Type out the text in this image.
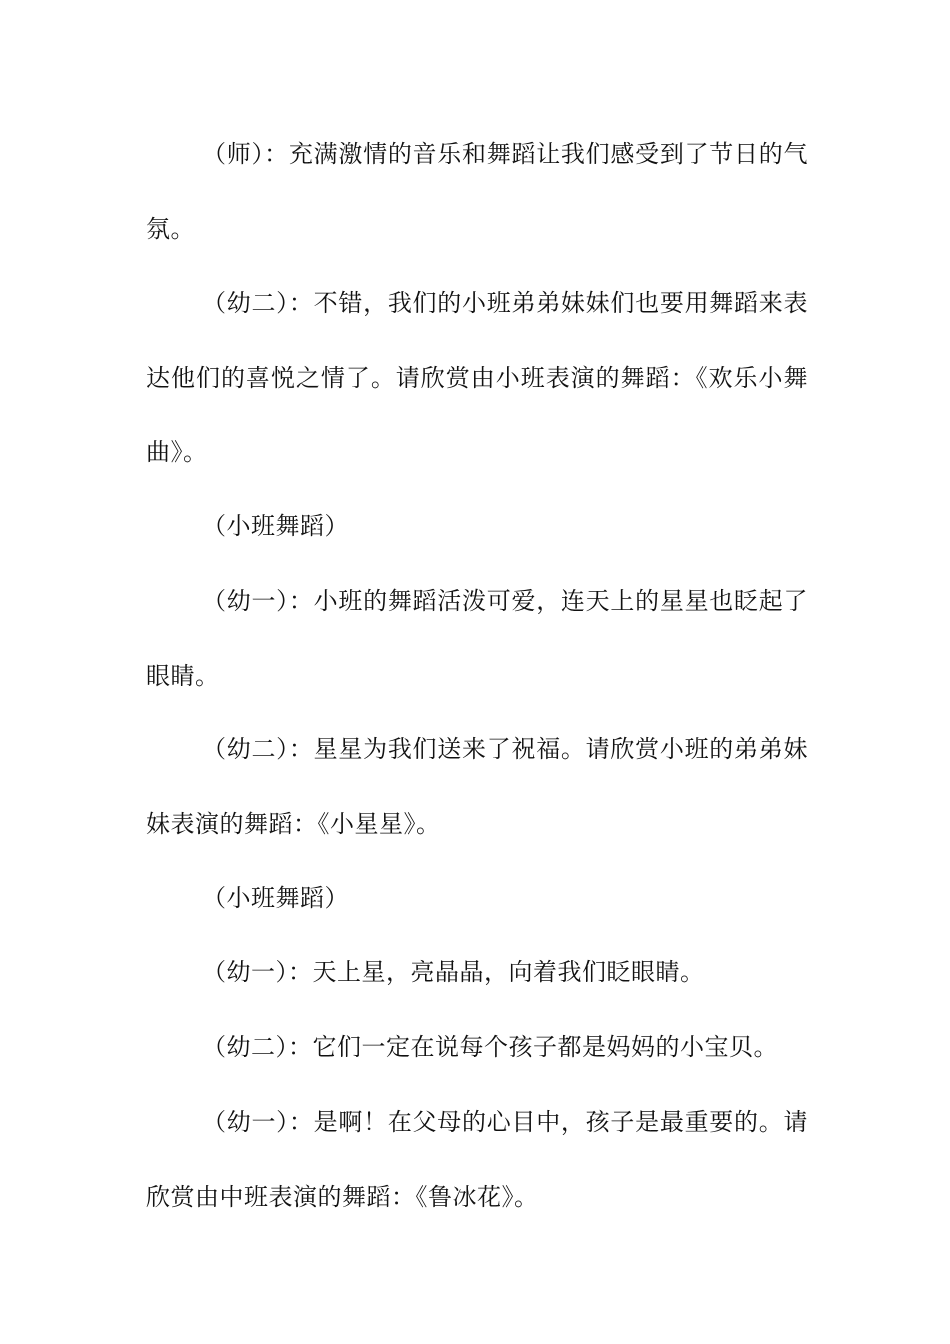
（师）：充满激情的音乐和舞蹈让我们感受到了节日的气氛。

（幼二）：不错，我们的小班弟弟妹妹们也要用舞蹈来表达他们的喜悦之情了。请欣赏由小班表演的舞蹈：《欢乐小舞曲》。

（小班舞蹈）

（幼一）：小班的舞蹈活泼可爱，连天上的星星也眨起了眼睛。

（幼二）：星星为我们送来了祝福。请欣赏小班的弟弟妹妹表演的舞蹈：《小星星》。

（小班舞蹈）

（幼一）：天上星，亮晶晶，向着我们眨眼睛。

（幼二）：它们一定在说每个孩子都是妈妈的小宝贝。

（幼一）：是啊！在父母的心目中，孩子是最重要的。请欣赏由中班表演的舞蹈：《鲁冰花》。
